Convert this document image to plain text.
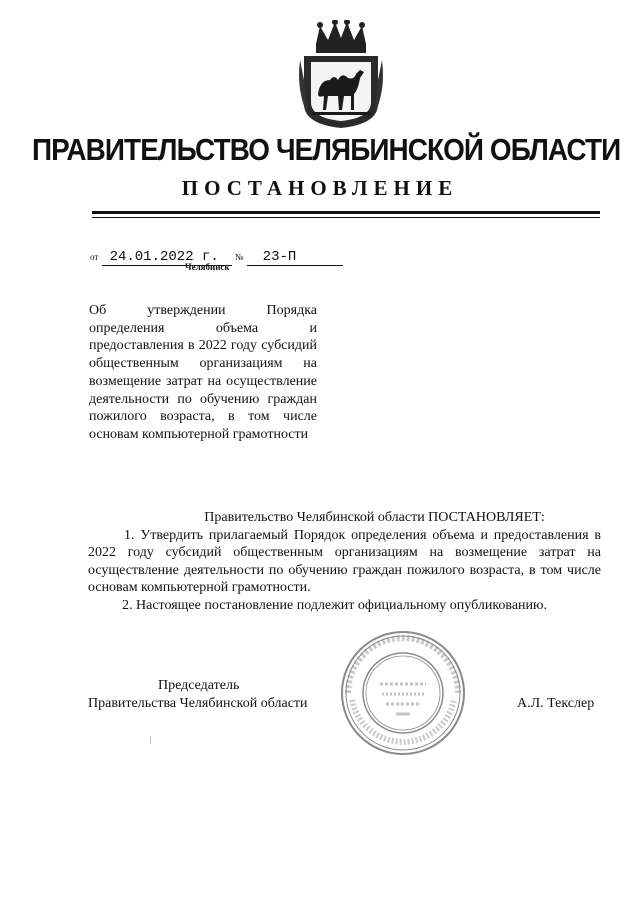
ПРАВИТЕЛЬСТВО ЧЕЛЯБИНСКОЙ ОБЛАСТИ
ПОСТАНОВЛЕНИЕ
от 24.01.2022 г. № 23-П
Челябинск
Об утверждении Порядка определения объема и предоставления в 2022 году субсидий общественным организациям на возмещение затрат на осуществление деятельности по обучению граждан пожилого возраста, в том числе основам компьютерной грамотности

Правительство Челябинской области ПОСТАНОВЛЯЕТ:

1. Утвердить прилагаемый Порядок определения объема и предоставления в 2022 году субсидий общественным организациям на возмещение затрат на осуществление деятельности по обучению граждан пожилого возраста, в том числе основам компьютерной грамотности.

2. Настоящее постановление подлежит официальному опубликованию.

Председатель
Правительства Челябинской области	А.Л. Текслер
